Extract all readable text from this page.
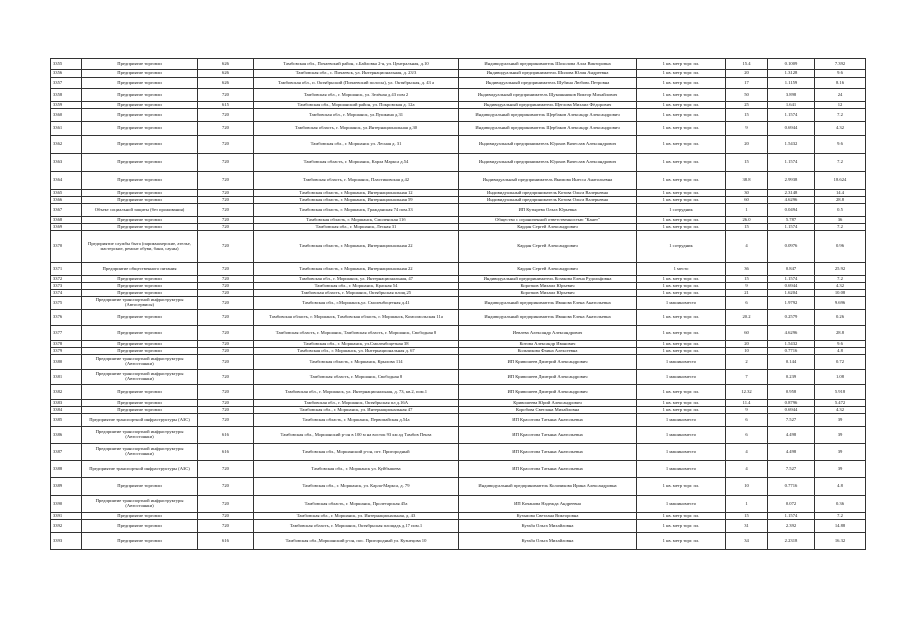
3355	Предприятие торговли	626	Тамбовская обл., Почаевский район, с.Байловка 2-я, ул. Центральная, д.10	Индивидуальный предприниматель Шохолова Алла Викторовна	1 кв. метр торг. пл.	15.4	0.1009	7.392
3356	Предприятие торговли	626	Тамбовская обл., с. Пичаевск, ул. Интернациональная, д. 23/3	Индивидуальный предприниматель Шилова Юлия Андреевна	1 кв. метр торг. пл.	20	1.3128	9.6
3357	Предприятие торговли	626	Тамбовская обл., п. Октябрьский (Пичаевский полосы), ул. Октябрьская, д. 43 а	Индивидуальный предприниматель Шубина Любовь Петровна	1 кв. метр торг. пл.	17	1.1159	8.16
3358	Предприятие торговли	720	Тамбовская обл., г. Моршанск, ул. Зелёная д.43 пом 2	Индивидуальный предприниматель Щукоянников Виктор Михайлович	1 кв. метр торг. пл.	50	3.898	24
3359	Предприятие торговли	615	Тамбовская обл., Моршанский район, ул. Покровская д. 12а	Индивидуальный предприниматель Щеглова Михаил Фёдорович	1 кв. метр торг. пл.	25	1.641	12
3360	Предприятие торговли	720	Тамбовская обл., г. Моршанск, ул.Пушкина д.31	Индивидуальный предприниматель Щербаков Александр Александрович	1 кв. метр торг. пл.	15	1.1574	7.2
3361	Предприятие торговли	720	Тамбовская область, г. Моршанск, ул.Интернациональная д.30	Индивидуальный предприниматель Щербаков Александр Александрович	1 кв. метр торг. пл.	9	0.6944	4.32
3362	Предприятие торговли	720	Тамбовская обл., г. Моршанск ул. Лесная д. 31	Индивидуальный предприниматель Юдахов Вячеслав Александрович	1 кв. метр торг. пл.	20	1.5432	9.6
3363	Предприятие торговли	720	Тамбовская область, г. Моршанск, Карла Маркса д.54	Индивидуальный предприниматель Юдахов Вячеслав Александрович	1 кв. метр торг. пл.	15	1.1574	7.2
3364	Предприятие торговли	720	Тамбовская область, г. Моршанск, Пластиковская д.42	Индивидуальный предприниматель Якимова Инесса Анатольевна	1 кв. метр торг. пл.	38.8	2.9938	18.624
3365	Предприятие торговли	720	Тамбовская область, г. Моршанск, Интернациональная 12	Индивидуальный предприниматель Котова Ольга Валерьевна	1 кв. метр торг. пл.	30	2.3148	14.4
3366	Предприятие торговли	720	Тамбовская область, г. Моршанск, Интернациональная 59	Индивидуальный предприниматель Котова Ольга Валерьевна	1 кв. метр торг. пл.	60	4.6296	28.8
3367	Объект социальной защиты (без проживания)	720	Тамбовская область, г. Моршанск, Гражданская 74 пом.33	ИП Кутырева Ольга Юрьевна	1 сотрудник	1	0.0494	0.5
3368	Предприятие торговли	720	Тамбовская область, г. Моршанск, Смоленская 11б	Общество с ограниченной ответственностью "Канет"	1 кв. метр торг. пл.	26.0	5.787	36
3369	Предприятие торговли	720	Тамбовская обл., г. Моршанск, Лесная 31	Кардан Сергей Александрович	1 кв. метр торг. пл.	15	1.1574	7.2
3370	Предприятие службы быта (парикмахерские, ателье, мастерские, ремонт обуви, бани, сауны)	720	Тамбовская область, г. Моршанск, Интернациональная 22	Кардан Сергей Александрович	1 сотрудник	4	0.0976	0.96
3371	Предприятие общественного питания	720	Тамбовская область, г. Моршанск, Интернациональная 22	Кардан Сергей Александрович	1 место	36	0.847	25.92
3372	Предприятие торговли	720	Тамбовская обл., г. Моршанск, ул. Интернациональная, 47	Индивидуальный предприниматель Козакова Елена Рудольфовна	1 кв. метр торг. пл.	15	1.1574	7.2
3373	Предприятие торговли	720	Тамбовская обл., г. Моршанск, Красная 54	Коротков Михаил Юрьевич	1 кв. метр торг. пл.	9	0.6944	4.32
3374	Предприятие торговли	720	Тамбовская область, г. Моршанск, Октябрьская площ.25	Коротков Михаил Юрьевич	1 кв. метр торг. пл.	21	1.6204	10.08
3375	Предприятие транспортной инфраструктуры (Автосервисы)	720	Тамбовская обл., г.Моршанск,ул. Смоленбоцетная д.41	Индивидуальный предприниматель Иванова Елена Анатольевна	1 машиноместо	6	1.9792	9.696
3376	Предприятие торговли	720	Тамбовская область, г. Моршанск, Тамбовская область, г. Моршанск, Комсомольская 11а	Индивидуальный предприниматель Иванова Елена Анатольевна	1 кв. метр торг. пл.	20.2	0.2579	0.26
3377	Предприятие торговли	720	Тамбовская область, г. Моршанск, Тамбовская область, г. Моршанск, Свободная 8	Иевлева Александр Александрович	1 кв. метр торг. пл.	60	4.6296	28.8
3378	Предприятие торговли	720	Тамбовская обл., г. Моршанск, ул.Смоленбоцетная 38	Котова Александр Иванович	1 кв. метр торг. пл.	20	1.5432	9.6
3379	Предприятие торговли	720	Тамбовская обл., г. Моршанск, ул. Интернациональная д. 67	Кольчикова Фаина Алексеевна	1 кв. метр торг. пл.	10	0.7716	4.8
3380	Предприятие транспортной инфраструктуры (Автостоянки)	720	Тамбовская область, г. Моршанск, Крылова 114	ИП Кривошеев Дмитрий Александрович	1 машиноместо	2	0.144	0.72
3381	Предприятие транспортной инфраструктуры (Автостоянки)	720	Тамбовская область, г. Моршанск, Свободная 8	ИП Кривошеев Дмитрий Александрович	1 машиноместо	7	0.239	1.08
3382	Предприятие торговли	720	Тамбовская обл., г. Моршанск, ул. Интернациональная, д. 73, кв.2, пом.1	ИП Кривошеев Дмитрий Александрович	1 кв. метр торг. пл.	12.32	0.958	5.918
3383	Предприятие торговли	720	Тамбовская обл., г. Моршанск, Октябрьская пл д.16А	Кривошеева Юрий Александрович	1 кв. метр торг. пл.	11.4	0.8796	5.472
3384	Предприятие торговли	720	Тамбовская обл., г. Моршанск, ул. Интернациональная 47	Коробова Светлана Михайловна	1 кв. метр торг. пл.	9	0.6944	4.32
3385	Предприятие транспортной инфраструктуры (АЗС)	720	Тамбовская область, г. Моршанск, Первомайская д.54а	ИП Красотова Татьяна Анатольевна	1 машиноместо	6	7.527	39
3386	Предприятие транспортной инфраструктуры (Автостоянки)	616	Тамбовская обл., Моршанский р-он в 100 м на восток 93 км ад Тамбов Пенза	ИП Красотова Татьяна Анатольевна	1 машиноместо	6	4.498	39
3387	Предприятие транспортной инфраструктуры (Автостоянки)	616	Тамбовская обл., Моршанский р-он, пгт. Пригородный	ИП Красотова Татьяна Анатольевна	1 машиноместо	4	4.498	39
3388	Предприятие транспортной инфраструктуры (АЗС)	720	Тамбовская обл., г. Моршанск ул. Куйбышева	ИП Красотова Татьяна Анатольевна	1 машиноместо	4	7.527	39
3389	Предприятие торговли	720	Тамбовская обл., г. Моршанск, ул. Карла-Маркса, д. 79	Индивидуальный предприниматель Колачикова Ирина Александровна	1 кв. метр торг. пл.	10	0.7716	4.8
3390	Предприятие транспортной инфраструктуры (Автостоянки)	720	Тамбовская область, г. Моршанск, Пролетарская 45а	ИП Кочанова Надежда Андреевна	1 машиноместо	1	0.072	0.36
3391	Предприятие торговли	720	Тамбовская обл., г. Моршанск, ул. Интернациональная, д. 43	Кузьмова Светлана Викторовна	1 кв. метр торг. пл.	15	1.1574	7.2
3392	Предприятие торговли	720	Тамбовская область, г. Моршанск, Октябрьская площадь д.17 пом.1	Кузьба Ольга Михайловна	1 кв. метр торг. пл.	31	2.392	14.88
3393	Предприятие торговли	616	Тамбовская обл.,Моршанский р-он, пос. Пригородный ул. Кузнецова 10	Кузьба Ольга Михайловна	1 кв. метр торг. пл.	34	2.2318	16.32
